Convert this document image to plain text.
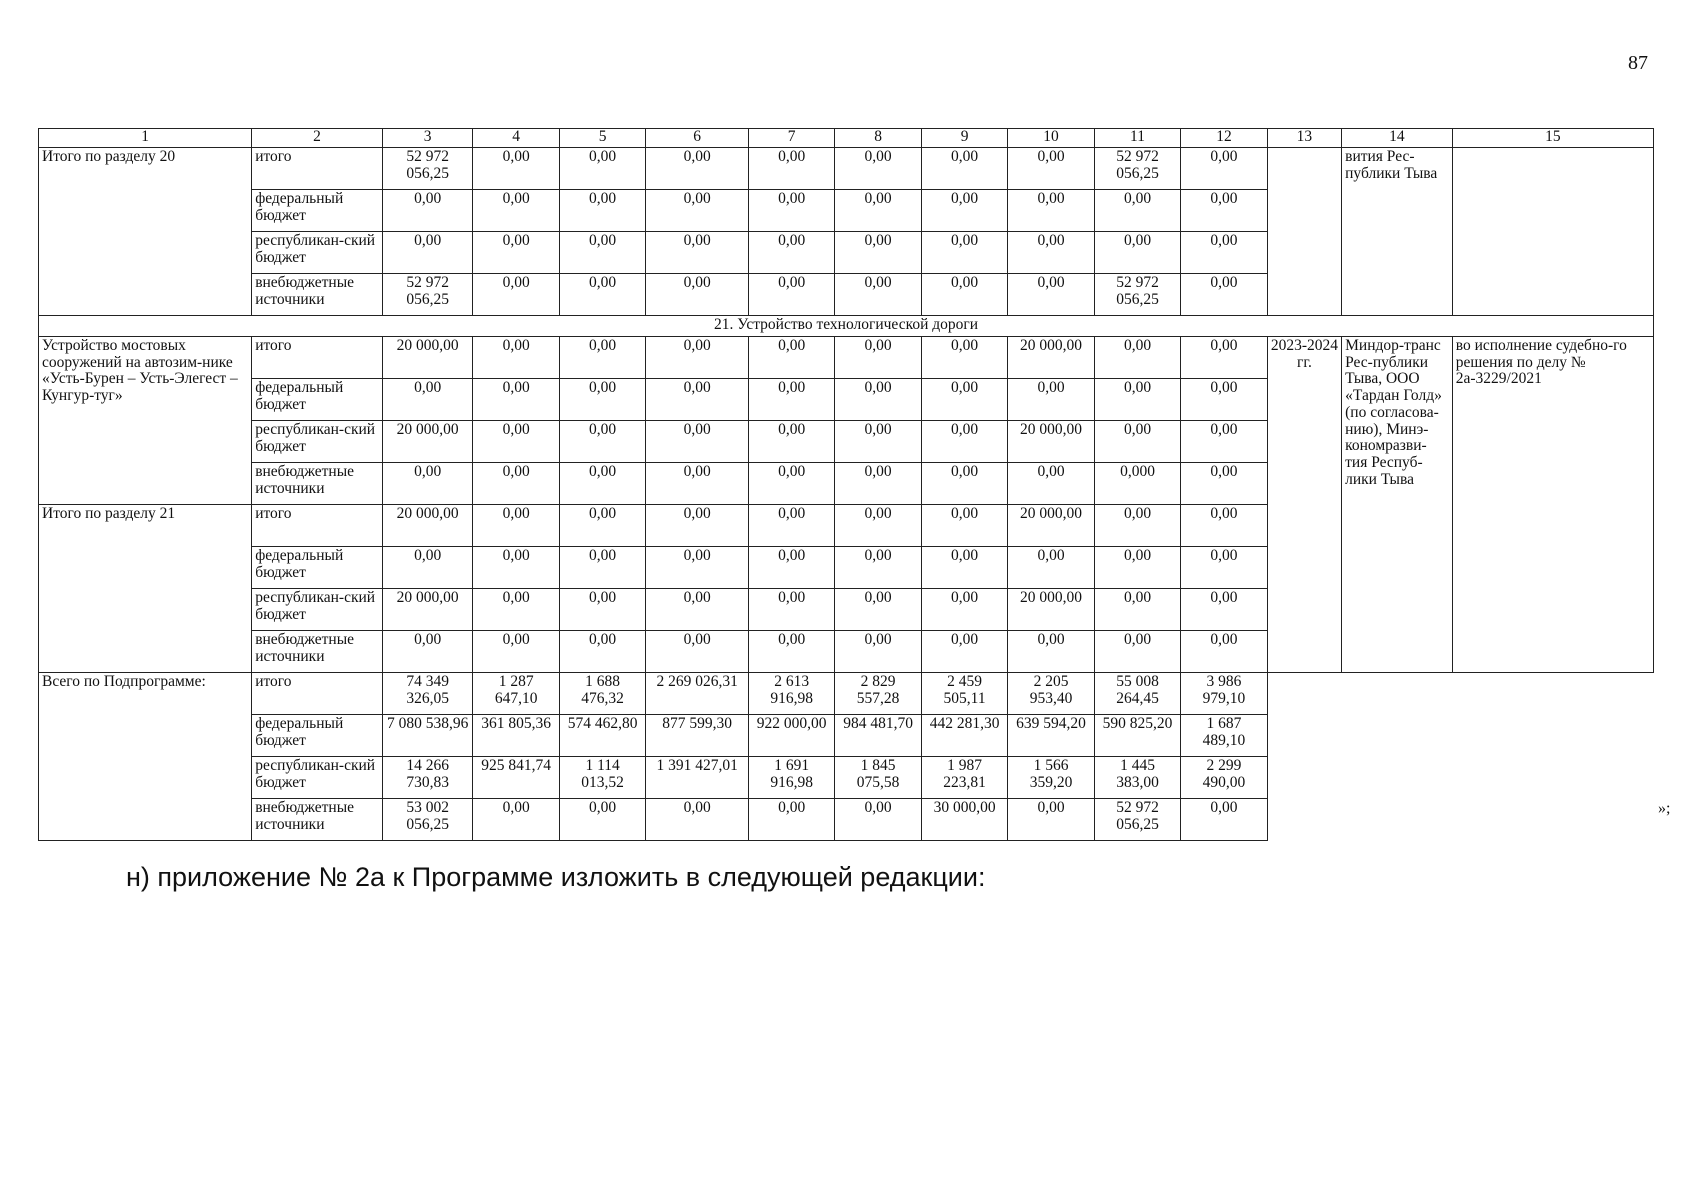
87
1	2	3	4	5	6	7	8	9	10	11	12	13	14	15
Итого по разделу 20	итого	52 972 056,25	0,00	0,00	0,00	0,00	0,00	0,00	0,00	52 972 056,25	0,00		вития Рес-публики Тыва	
	федеральный бюджет	0,00	0,00	0,00	0,00	0,00	0,00	0,00	0,00	0,00	0,00			
	республикан-ский бюджет	0,00	0,00	0,00	0,00	0,00	0,00	0,00	0,00	0,00	0,00			
	внебюджетные источники	52 972 056,25	0,00	0,00	0,00	0,00	0,00	0,00	0,00	52 972 056,25	0,00			
21. Устройство технологической дороги														
Устройство мостовых сооружений на автозим-нике «Усть-Бурен – Усть-Элегест – Кунгур-туг»	итого	20 000,00	0,00	0,00	0,00	0,00	0,00	0,00	20 000,00	0,00	0,00	2023-2024 гг.	Миндор-транс Рес-публики Тыва, ООО «Тардан Голд» (по согласова-нию), Минэ-кономразви-тия Респуб-лики Тыва	во исполнение судебно-го решения по делу № 2а-3229/2021
	федеральный бюджет	0,00	0,00	0,00	0,00	0,00	0,00	0,00	0,00	0,00	0,00			
	республикан-ский бюджет	20 000,00	0,00	0,00	0,00	0,00	0,00	0,00	20 000,00	0,00	0,00			
	внебюджетные источники	0,00	0,00	0,00	0,00	0,00	0,00	0,00	0,00	0,000	0,00			
Итого по разделу 21	итого	20 000,00	0,00	0,00	0,00	0,00	0,00	0,00	20 000,00	0,00	0,00			
	федеральный бюджет	0,00	0,00	0,00	0,00	0,00	0,00	0,00	0,00	0,00	0,00			
	республикан-ский бюджет	20 000,00	0,00	0,00	0,00	0,00	0,00	0,00	20 000,00	0,00	0,00			
	внебюджетные источники	0,00	0,00	0,00	0,00	0,00	0,00	0,00	0,00	0,00	0,00			
Всего по Подпрограмме:	итого	74 349 326,05	1 287 647,10	1 688 476,32	2 269 026,31	2 613 916,98	2 829 557,28	2 459 505,11	2 205 953,40	55 008 264,45	3 986 979,10			
	федеральный бюджет	7 080 538,96	361 805,36	574 462,80	877 599,30	922 000,00	984 481,70	442 281,30	639 594,20	590 825,20	1 687 489,10			
	республикан-ский бюджет	14 266 730,83	925 841,74	1 114 013,52	1 391 427,01	1 691 916,98	1 845 075,58	1 987 223,81	1 566 359,20	1 445 383,00	2 299 490,00			
	внебюджетные источники	53 002 056,25	0,00	0,00	0,00	0,00	0,00	30 000,00	0,00	52 972 056,25	0,00				»;
н) приложение № 2а к Программе изложить в следующей редакции:
